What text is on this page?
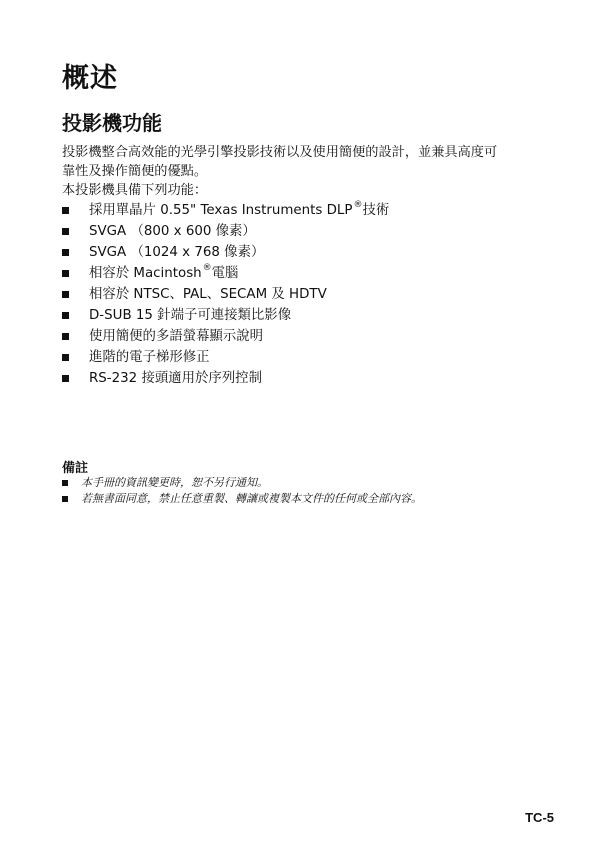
概述
投影機功能

投影機整合高效能的光學引擎投影技術以及使用簡便的設計，並兼具高度可

靠性及操作簡便的優點。

本投影機具備下列功能：

採用單晶片 0.55" Texas Instruments DLP ® 技術
SVGA （800 x 600 像素）
SVGA （1024 x 768 像素）
相容於 Macintosh ® 電腦
相容於 NTSC、PAL、SECAM 及 HDTV
D-SUB 15 針端子可連接類比影像
使用簡便的多語螢幕顯示說明
進階的電子梯形修正
RS-232 接頭適用於序列控制
備註
本手冊的資訊變更時，恕不另行通知。
若無書面同意，禁止任意重製、轉讓或複製本文件的任何或全部內容。
TC-5
